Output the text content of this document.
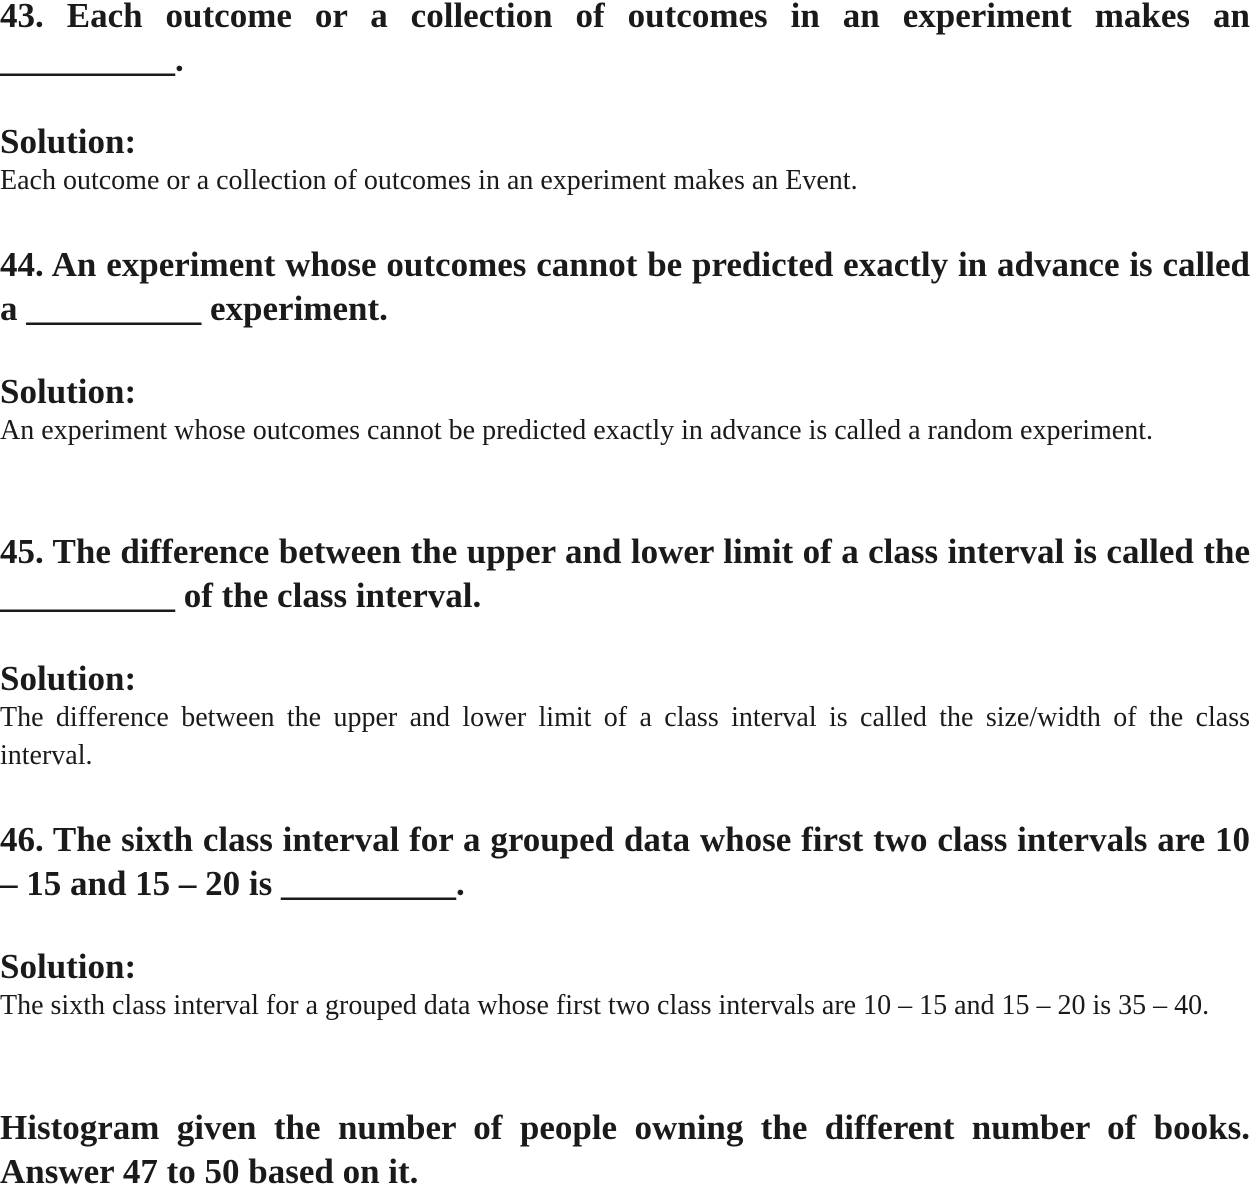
43. Each outcome or a collection of outcomes in an experiment makes an __________.

Solution:

Each outcome or a collection of outcomes in an experiment makes an Event.

44. An experiment whose outcomes cannot be predicted exactly in advance is called a __________ experiment.

Solution:

An experiment whose outcomes cannot be predicted exactly in advance is called a random experiment.

45. The difference between the upper and lower limit of a class interval is called the __________ of the class interval.

Solution:

The difference between the upper and lower limit of a class interval is called the size/width of the class interval.

46. The sixth class interval for a grouped data whose first two class intervals are 10 – 15 and 15 – 20 is __________.

Solution:

The sixth class interval for a grouped data whose first two class intervals are 10 – 15 and 15 – 20 is 35 – 40.

Histogram given the number of people owning the different number of books. Answer 47 to 50 based on it.
